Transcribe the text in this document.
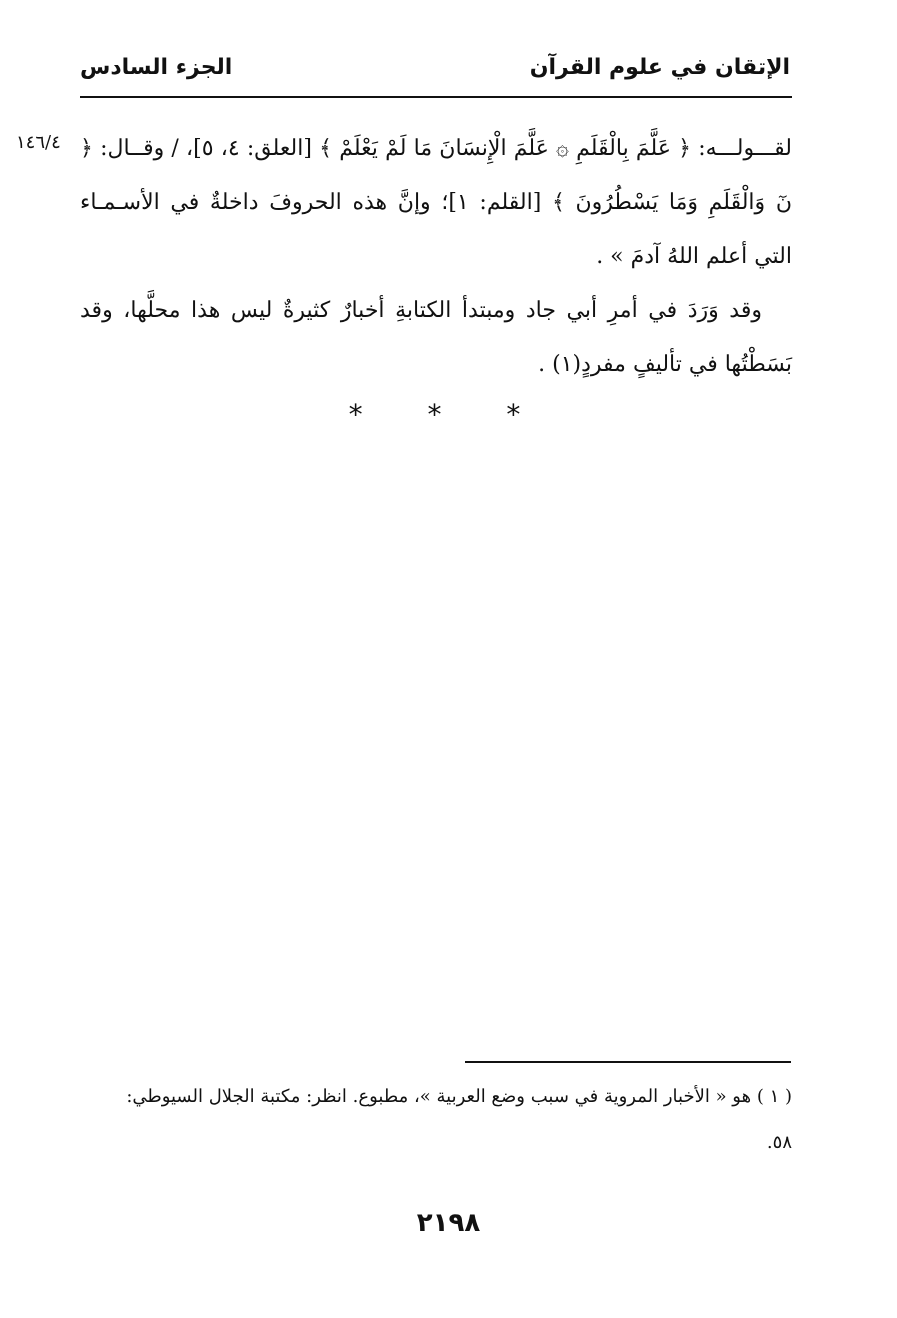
الإتقان في علوم القرآن
الجزء السادس
١٤٦/٤ لقـــولـــه: ﴿ عَلَّمَ بِالْقَلَمِ ۞ عَلَّمَ الْإِنسَانَ مَا لَمْ يَعْلَمْ ﴾ [العلق: ٤، ٥]، / وقــال: ﴿ نٓ وَالْقَلَمِ وَمَا يَسْطُرُونَ ﴾ [القلم: ١]؛ وإنَّ هذه الحروفَ داخلةٌ في الأسـمـاء التي أعلم اللهُ آدمَ » .

وقد وَرَدَ في أمرِ أبي جاد ومبتدأ الكتابةِ أخبارٌ كثيرةٌ ليس هذا محلَّها، وقد بَسَطْتُها في تأليفٍ مفردٍ(١) .

* * *

( ١ ) هو « الأخبار المروية في سبب وضع العربية »، مطبوع. انظر: مكتبة الجلال السيوطي:

٥٨.

٢١٩٨
